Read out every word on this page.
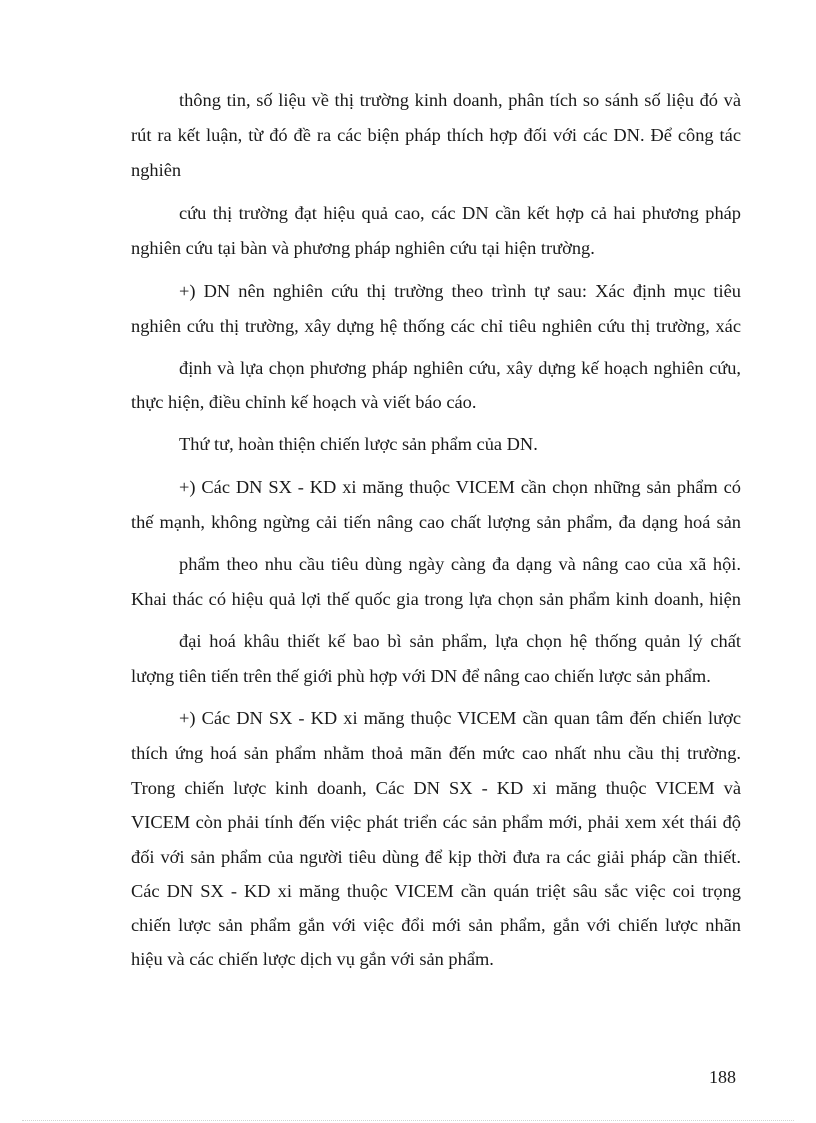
thông tin, số liệu về thị trường kinh doanh, phân tích so sánh số liệu đó và
rút ra kết luận, từ đó đề ra các biện pháp thích hợp đối với các DN. Để công tác
nghiên
cứu thị trường đạt hiệu quả cao, các DN cần kết hợp cả hai phương pháp
nghiên cứu tại bàn và phương pháp nghiên cứu tại hiện trường.
+) DN nên nghiên cứu thị trường theo trình tự sau: Xác định mục tiêu
nghiên cứu thị trường, xây dựng hệ thống các chỉ tiêu nghiên cứu thị trường, xác
định và lựa chọn phương pháp nghiên cứu, xây dựng kế hoạch nghiên cứu,
thực hiện, điều chỉnh kế hoạch và viết báo cáo.
Thứ tư, hoàn thiện chiến lược sản phẩm của DN.
+) Các DN SX - KD xi măng thuộc VICEM cần chọn những sản phẩm có
thế mạnh, không ngừng cải tiến nâng cao chất lượng sản phẩm, đa dạng hoá sản
phẩm theo nhu cầu tiêu dùng ngày càng đa dạng và nâng cao của xã hội.
Khai thác có hiệu quả lợi thế quốc gia trong lựa chọn sản phẩm kinh doanh, hiện
đại hoá khâu thiết kế bao bì sản phẩm, lựa chọn hệ thống quản lý chất
lượng tiên tiến trên thế giới phù hợp với DN để nâng cao chiến lược sản phẩm.
+) Các DN SX - KD xi măng thuộc VICEM cần quan tâm đến chiến lược
thích ứng hoá sản phẩm nhằm thoả mãn đến mức cao nhất nhu cầu thị trường.
Trong chiến lược kinh doanh, Các DN SX - KD xi măng thuộc VICEM và
VICEM còn phải tính đến việc phát triển các sản phẩm mới, phải xem xét thái độ
đối với sản phẩm của người tiêu dùng để kịp thời đưa ra các giải pháp cần thiết.
Các DN SX - KD xi măng thuộc VICEM cần quán triệt sâu sắc việc coi trọng
chiến lược sản phẩm gắn với việc đổi mới sản phẩm, gắn với chiến lược nhãn
hiệu và các chiến lược dịch vụ gắn với sản phẩm.
188
